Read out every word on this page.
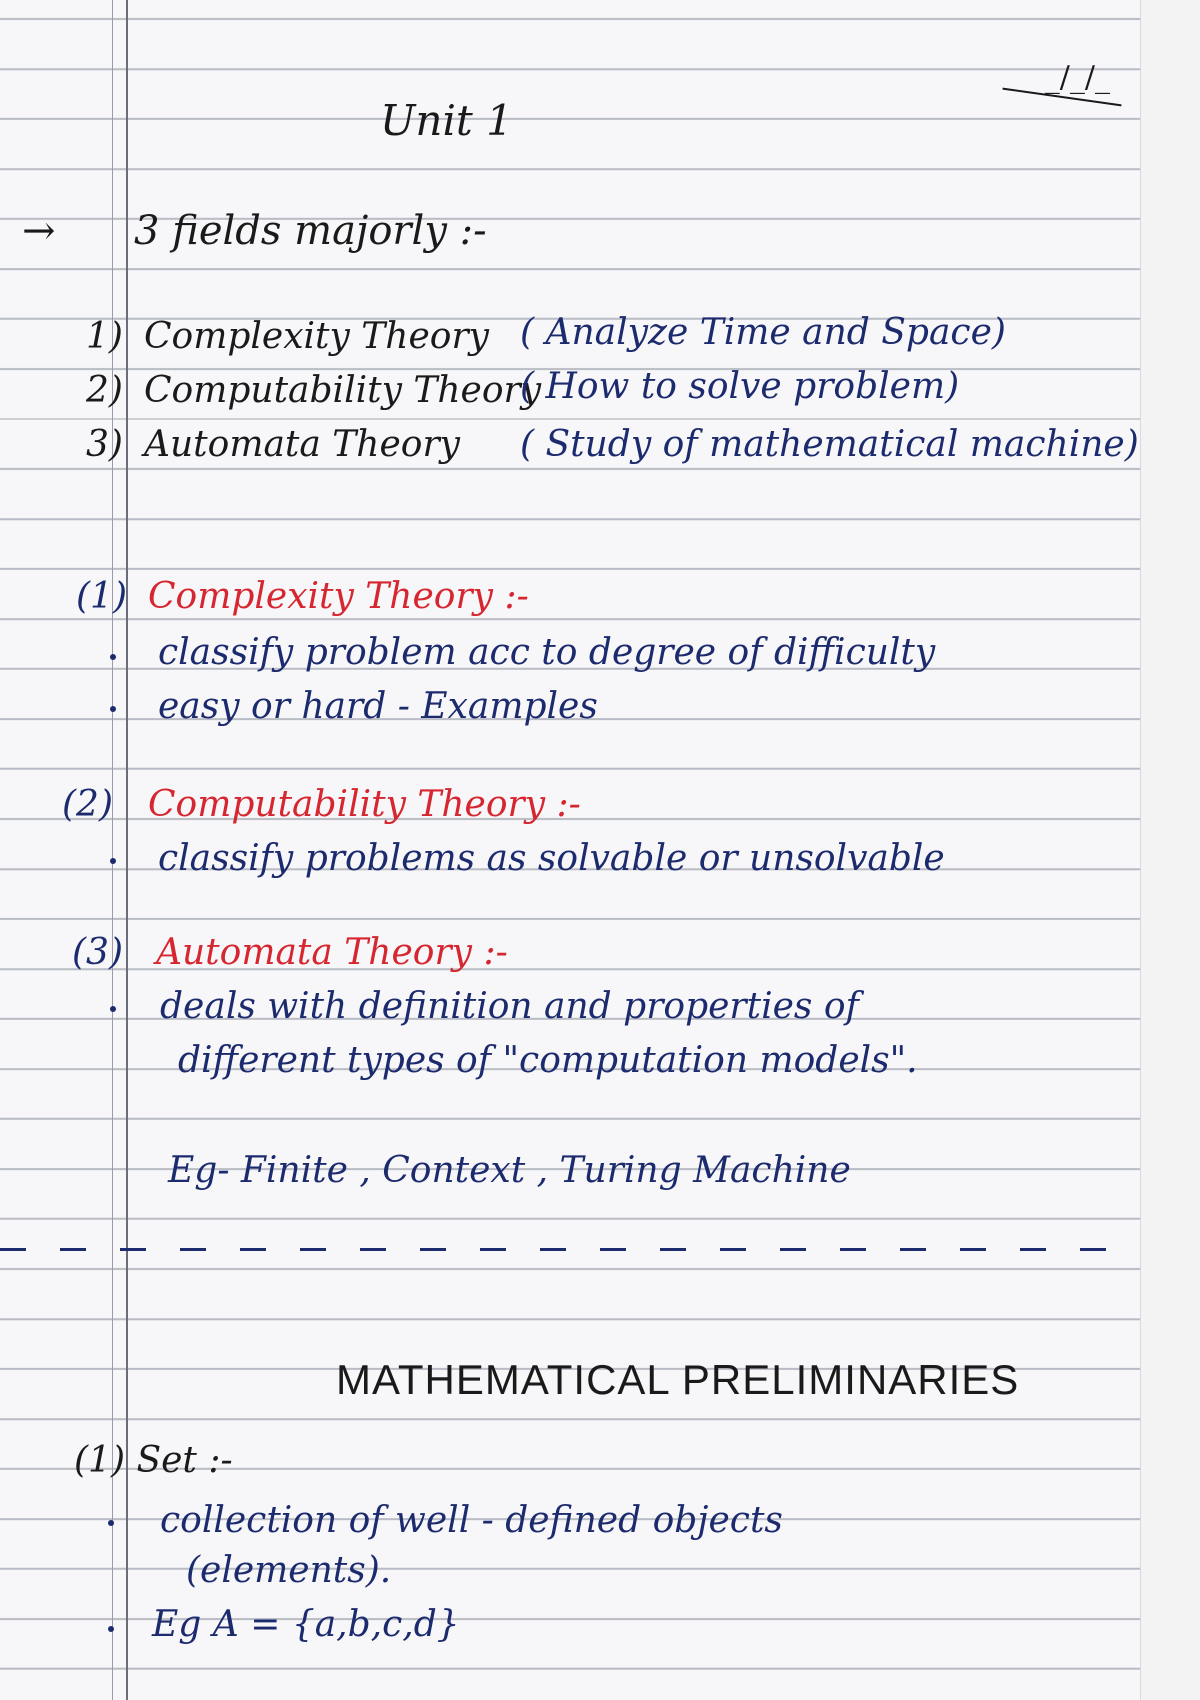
_/_/_
Unit 1
→ 3 fields majorly :-
1) Complexity Theory ( Analyze Time and Space)
2) Computability Theory
( How to solve problem)
3) Automata Theory ( Study of mathematical machine)
(1) Complexity Theory :-
classify problem acc to degree of difficulty
easy or hard - Examples
(2) Computability Theory :-
classify problems as solvable or unsolvable
(3) Automata Theory :-
deals with definition and properties of
different types of "computation models".
Eg- Finite , Context , Turing Machine
MATHEMATICAL PRELIMINARIES
(1) Set :-
collection of well - defined objects
(elements).
Eg A = {a,b,c,d}
